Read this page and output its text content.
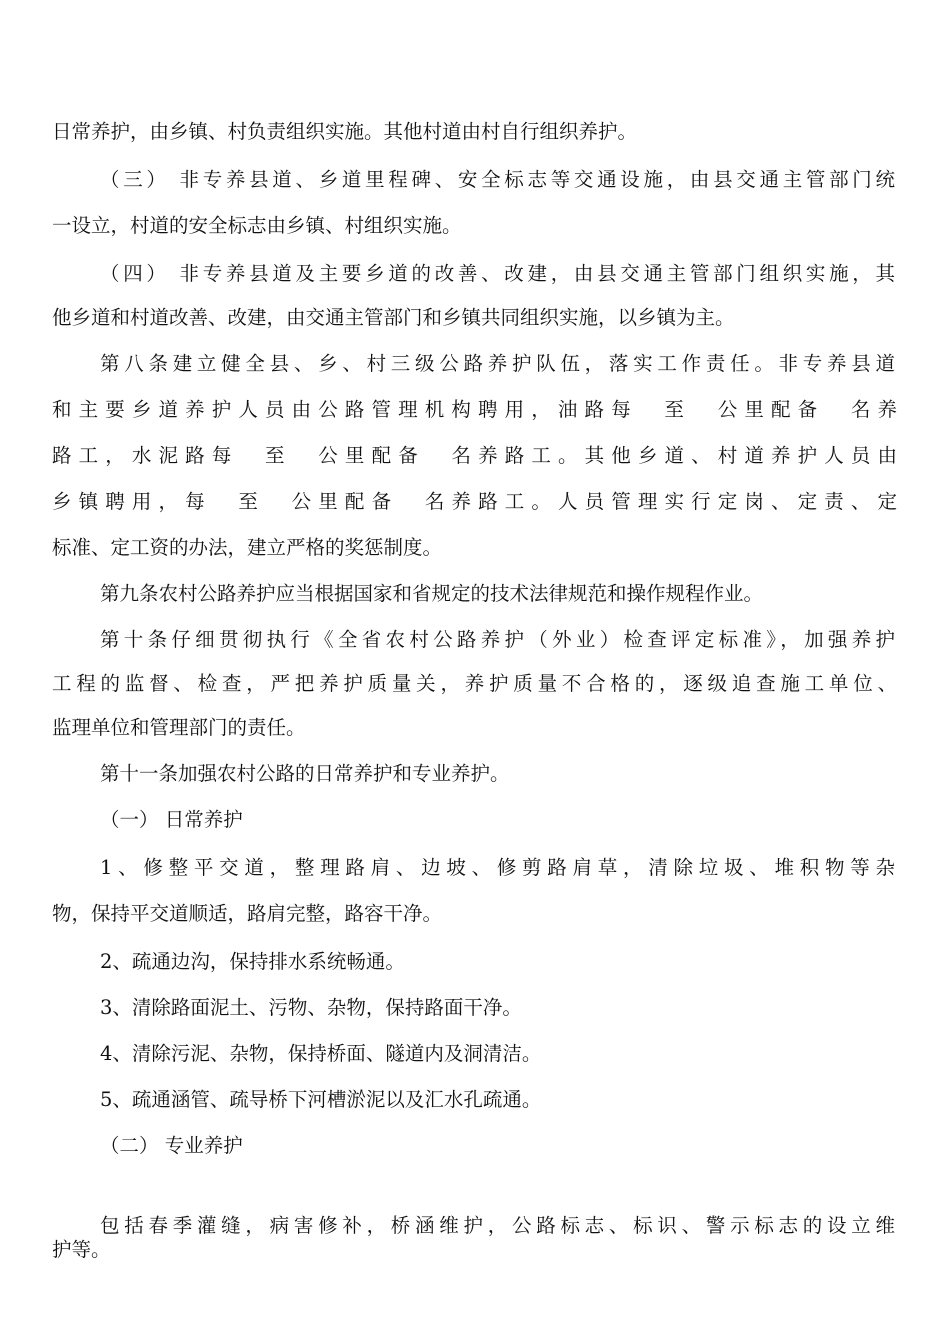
日常养护，由乡镇、村负责组织实施。其他村道由村自行组织养护。

（三） 非专养县道、乡道里程碑、安全标志等交通设施，由县交通主管部门统

一设立，村道的安全标志由乡镇、村组织实施。

（四） 非专养县道及主要乡道的改善、改建，由县交通主管部门组织实施，其

他乡道和村道改善、改建，由交通主管部门和乡镇共同组织实施，以乡镇为主。

第八条建立健全县、乡、村三级公路养护队伍，落实工作责任。非专养县道

和主要乡道养护人员由公路管理机构聘用，油路每  至  公里配备  名养

路工，水泥路每  至  公里配备  名养路工。其他乡道、村道养护人员由

乡镇聘用，每  至  公里配备  名养路工。人员管理实行定岗、定责、定

标准、定工资的办法，建立严格的奖惩制度。

第九条农村公路养护应当根据国家和省规定的技术法律规范和操作规程作业。

第十条仔细贯彻执行《全省农村公路养护（外业）检查评定标准》，加强养护

工程的监督、检查，严把养护质量关，养护质量不合格的，逐级追查施工单位、

监理单位和管理部门的责任。

第十一条加强农村公路的日常养护和专业养护。

（一） 日常养护

1、修整平交道，整理路肩、边坡、修剪路肩草，清除垃圾、堆积物等杂

物，保持平交道顺适，路肩完整，路容干净。

2、疏通边沟，保持排水系统畅通。

3、清除路面泥土、污物、杂物，保持路面干净。

4、清除污泥、杂物，保持桥面、隧道内及洞清洁。

5、疏通涵管、疏导桥下河槽淤泥以及汇水孔疏通。

（二） 专业养护

包括春季灌缝，病害修补，桥涵维护，公路标志、标识、警示标志的设立维

护等。
